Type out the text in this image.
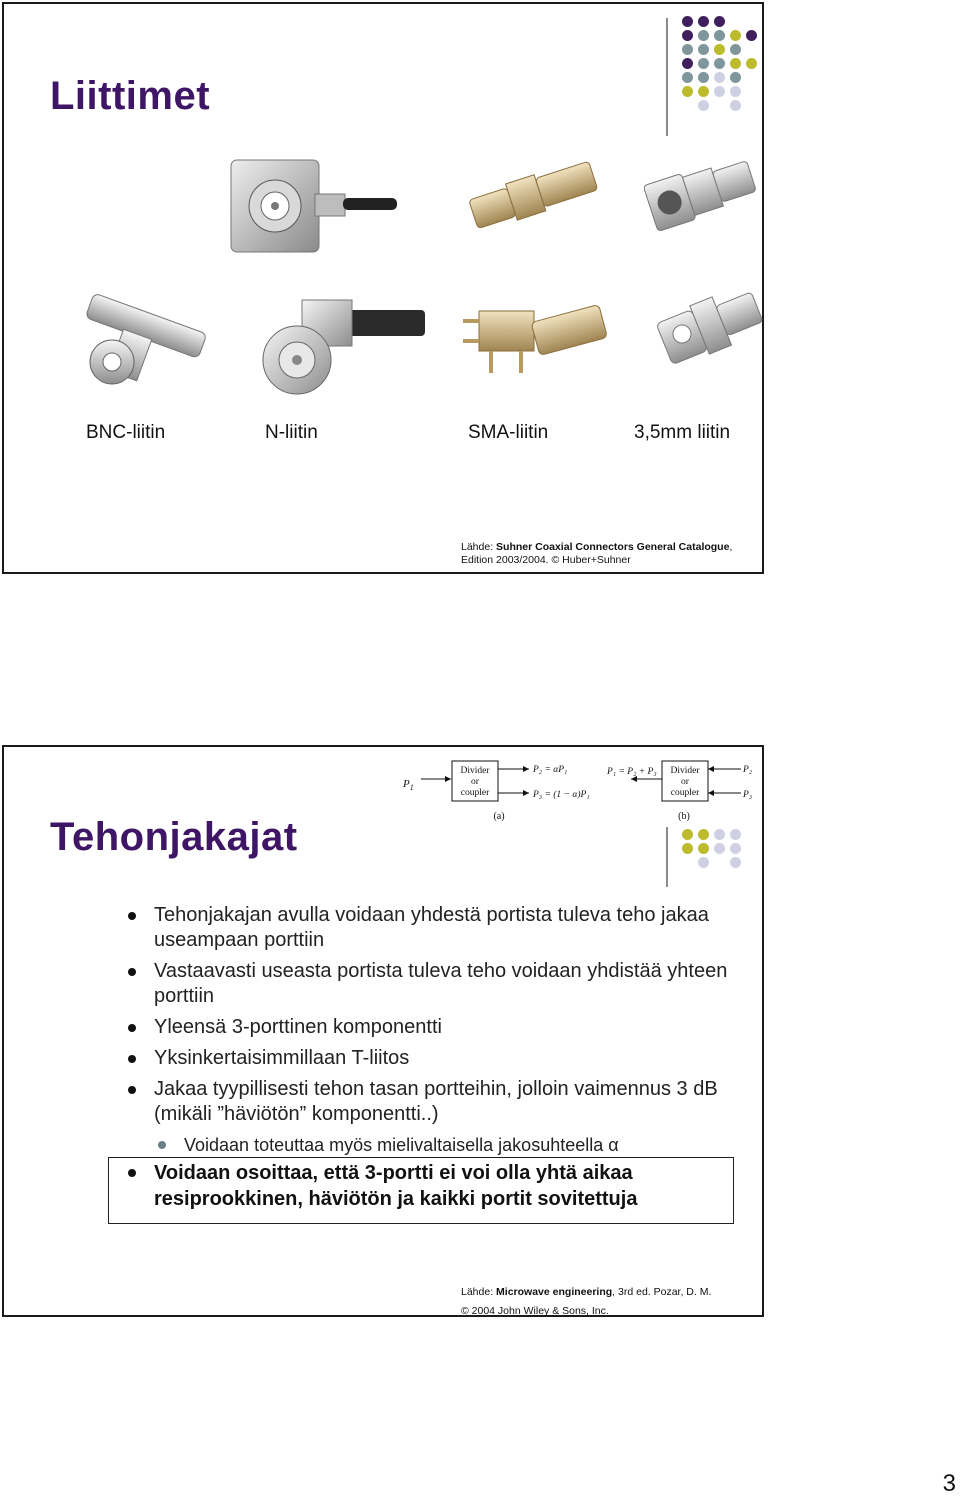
Liittimet
BNC-liitin	N-liitin	SMA-liitin	3,5mm liitin
Lähde: Suhner Coaxial Connectors General Catalogue,
Edition 2003/2004. © Huber+Suhner
$P_1$
Divider
or
coupler
P₂ = αP₁
P₃ = (1 − α)P₁
(a)
P₁ = P₂ + P₃ Divider
or
coupler
P₂
P₃
(b)
Tehonjakajat
Tehonjakajan avulla voidaan yhdestä portista tuleva teho jakaa useampaan porttiin
Vastaavasti useasta portista tuleva teho voidaan yhdistää yhteen porttiin
Yleensä 3-porttinen komponentti
Yksinkertaisimmillaan T-liitos
Jakaa tyypillisesti tehon tasan portteihin, jolloin vaimennus 3 dB (mikäli ”häviötön” komponentti..)
Voidaan toteuttaa myös mielivaltaisella jakosuhteella α

Voidaan osoittaa, että 3-portti ei voi olla yhtä aikaa resiprookkinen, häviötön ja kaikki portit sovitettuja

Lähde: Microwave engineering, 3rd ed. Pozar, D. M.
© 2004 John Wiley & Sons, Inc.
3
